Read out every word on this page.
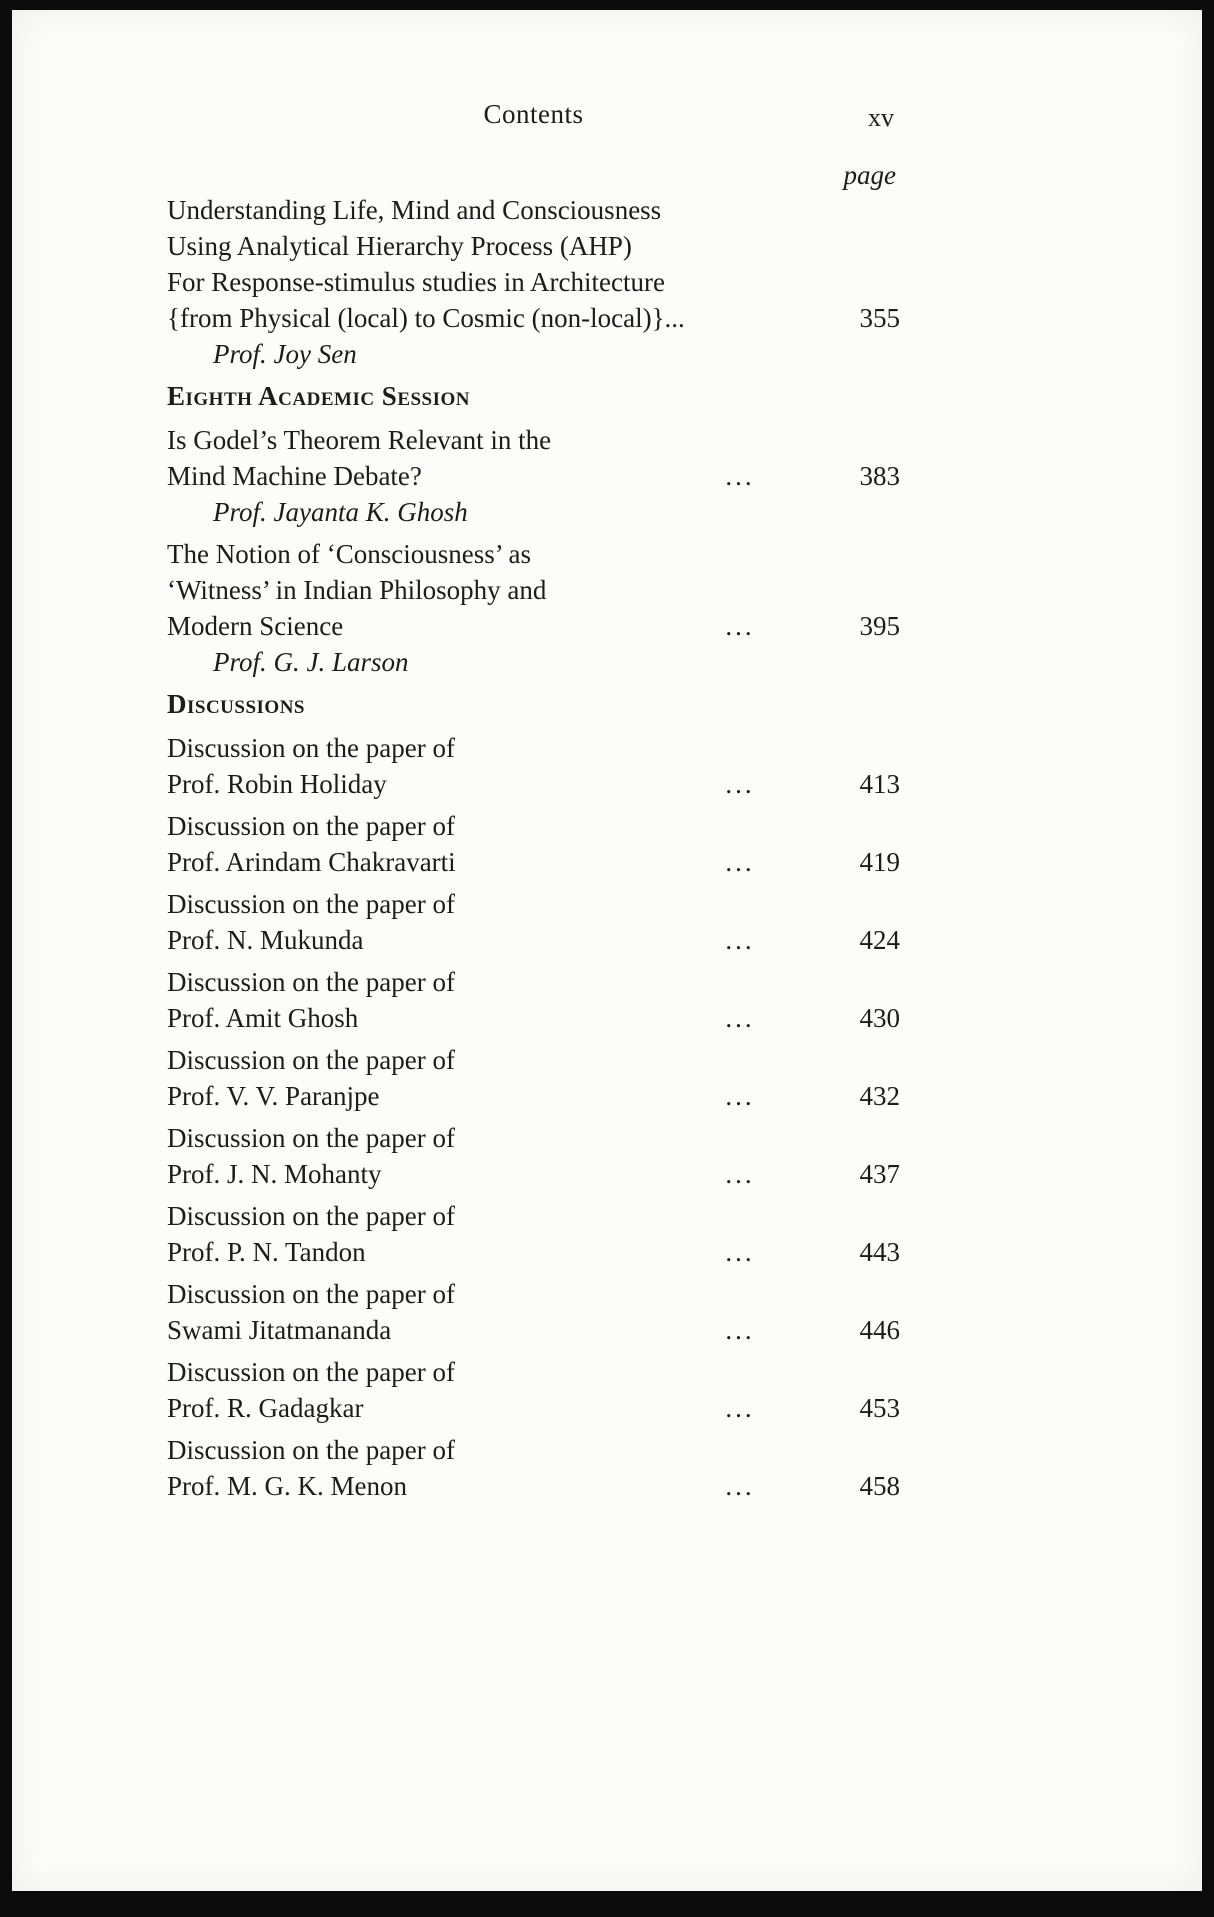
Contents	xv
page
Understanding Life, Mind and Consciousness
Using Analytical Hierarchy Process (AHP)
For Response-stimulus studies in Architecture
{from Physical (local) to Cosmic (non-local)}...	355
Prof. Joy Sen
Eighth Academic Session
Is Godel’s Theorem Relevant in the
Mind Machine Debate?	...	383
Prof. Jayanta K. Ghosh
The Notion of ‘Consciousness’ as
‘Witness’ in Indian Philosophy and
Modern Science	...	395
Prof. G. J. Larson
Discussions
Discussion on the paper of
Prof. Robin Holiday	...	413
Discussion on the paper of
Prof. Arindam Chakravarti	...	419
Discussion on the paper of
Prof. N. Mukunda	...	424
Discussion on the paper of
Prof. Amit Ghosh	...	430
Discussion on the paper of
Prof. V. V. Paranjpe	...	432
Discussion on the paper of
Prof. J. N. Mohanty	...	437
Discussion on the paper of
Prof. P. N. Tandon	...	443
Discussion on the paper of
Swami Jitatmananda	...	446
Discussion on the paper of
Prof. R. Gadagkar	...	453
Discussion on the paper of
Prof. M. G. K. Menon	...	458
